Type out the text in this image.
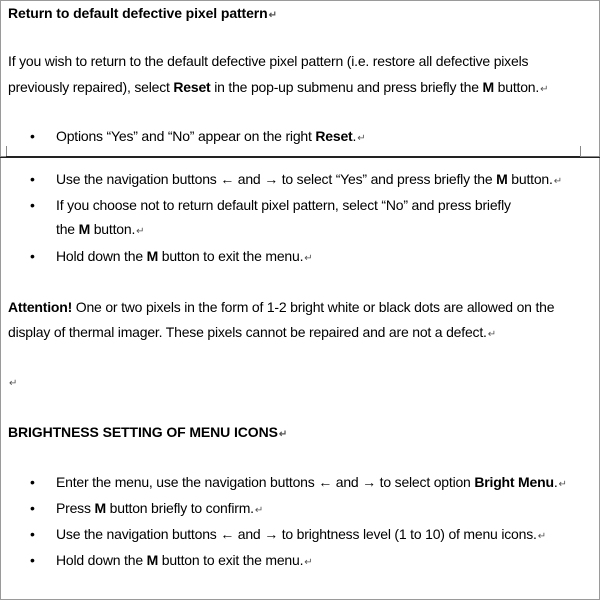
Return to default defective pixel pattern↵
If you wish to return to the default defective pixel pattern (i.e. restore all defective pixels
previously repaired), select Reset in the pop-up submenu and press briefly the M button.↵
• Options “Yes” and “No” appear on the right Reset.↵
• Use the navigation buttons ← and → to select “Yes” and press briefly the M button.↵
• If you choose not to return default pixel pattern, select “No” and press briefly
the M button.↵
• Hold down the M button to exit the menu.↵
Attention! One or two pixels in the form of 1-2 bright white or black dots are allowed on the
display of thermal imager. These pixels cannot be repaired and are not a defect.↵
↵
BRIGHTNESS SETTING OF MENU ICONS↵
• Enter the menu, use the navigation buttons ← and → to select option Bright Menu.↵
• Press M button briefly to confirm.↵
• Use the navigation buttons ← and → to brightness level (1 to 10) of menu icons.↵
• Hold down the M button to exit the menu.↵
